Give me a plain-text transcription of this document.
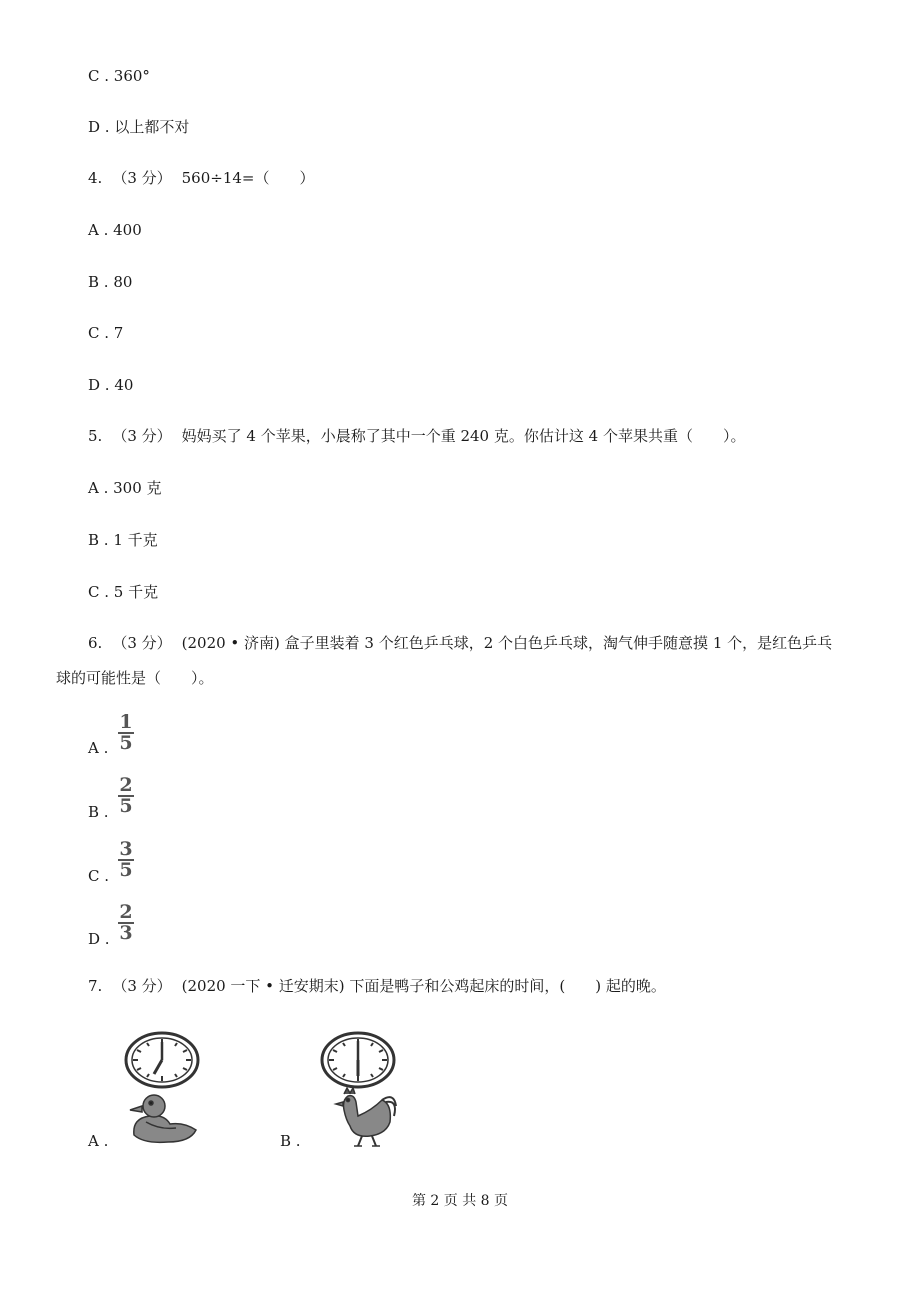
C . 360°
D . 以上都不对
4. （3 分） 560÷14=（　　）
A . 400
B . 80
C . 7
D . 40
5. （3 分） 妈妈买了 4 个苹果，小晨称了其中一个重 240 克。你估计这 4 个苹果共重（　　）。
A . 300 克
B . 1 千克
C . 5 千克
6. （3 分） (2020 • 济南) 盒子里装着 3 个红色乒乓球，2 个白色乒乓球，淘气伸手随意摸 1 个，是红色乒乓
球的可能性是（　　）。
A .
1
5
B .
2
5
C .
3
5
D .
2
3
7. （3 分） (2020 一下 • 迁安期末) 下面是鸭子和公鸡起床的时间，(　　) 起的晚。
A .	B .
第 2 页 共 8 页
